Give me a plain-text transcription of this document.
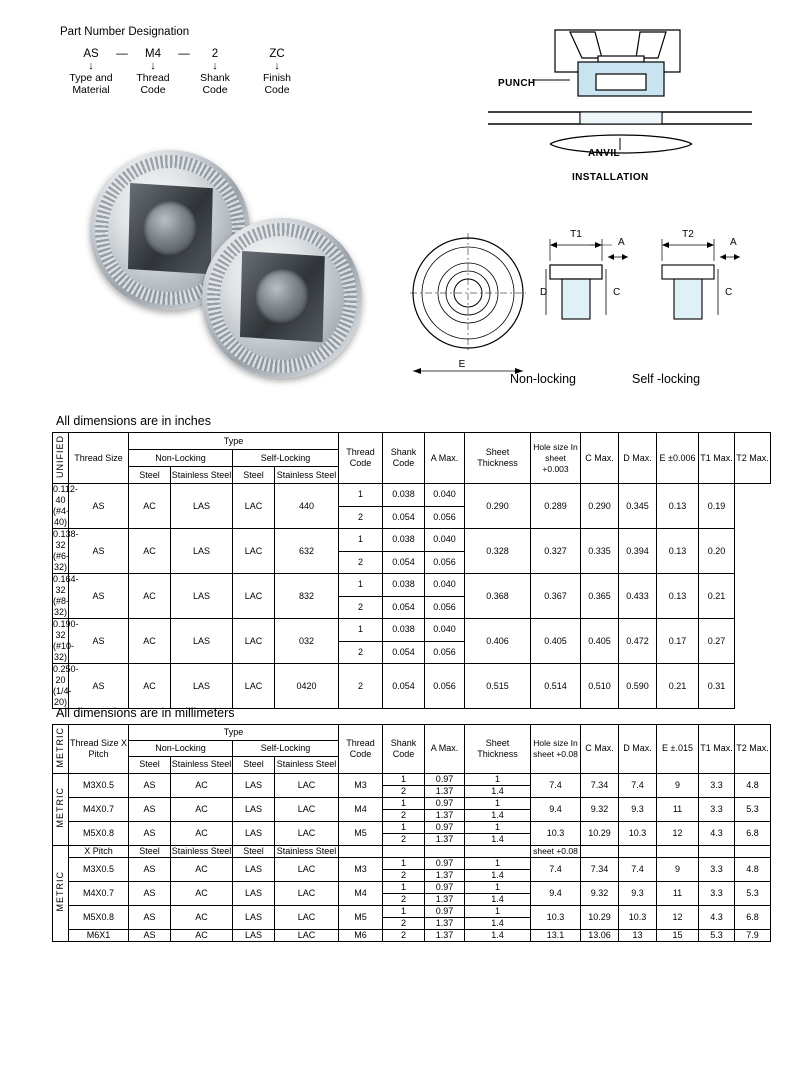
Part Number Designation
AS	—	M4	—	2	ZC
↓	↓	↓	↓
Type and Material
Thread Code
Shank Code
Finish Code
PUNCH
ANVIL
INSTALLATION
E
T1
A
D	C
T2
A
C
Non-locking	Self -locking
All dimensions are in inches
UNIFIED	Thread Size	Type				Thread Code	Shank Code	A Max.	Sheet Thickness	Hole size In sheet +0.003	C Max.	D Max.	E ±0.006	T1 Max.	T2 Max.
		Non-Locking		Self-Locking											
		Steel	Stainless Steel	Steel	Stainless Steel										
0.112-40 (#4-40)	AS	AC	LAS	LAC	440	1	0.038	0.040	0.290	0.289	0.290	0.345	0.13	0.19	
						2	0.054	0.056							
0.138-32 (#6-32)	AS	AC	LAS	LAC	632	1	0.038	0.040	0.328	0.327	0.335	0.394	0.13	0.20	
						2	0.054	0.056							
0.164-32 (#8-32)	AS	AC	LAS	LAC	832	1	0.038	0.040	0.368	0.367	0.365	0.433	0.13	0.21	
						2	0.054	0.056							
0.190-32 (#10-32)	AS	AC	LAS	LAC	032	1	0.038	0.040	0.406	0.405	0.405	0.472	0.17	0.27	
						2	0.054	0.056							
0.250-20 (1/4-20)	AS	AC	LAS	LAC	0420	2	0.054	0.056	0.515	0.514	0.510	0.590	0.21	0.31	
All dimensions are in millimeters
METRIC	Thread Size X Pitch	Type				Thread Code	Shank Code	A Max.	Sheet Thickness	Hole size In sheet +0.08	C Max.	D Max.	E ±.015	T1 Max.	T2 Max.
		Non-Locking		Self-Locking											
		Steel	Stainless Steel	Steel	Stainless Steel										
METRIC	M3X0.5	AS	AC	LAS	LAC	M3	1	0.97	1	7.4	7.34	7.4	9	3.3	4.8
							2	1.37	1.4						
	M4X0.7	AS	AC	LAS	LAC	M4	1	0.97	1	9.4	9.32	9.3	11	3.3	5.3
							2	1.37	1.4						
	M5X0.8	AS	AC	LAS	LAC	M5	1	0.97	1	10.3	10.29	10.3	12	4.3	6.8
							2	1.37	1.4						
METRIC	X Pitch	Steel	Stainless Steel	Steel	Stainless Steel					sheet +0.08					
	M3X0.5	AS	AC	LAS	LAC	M3	1	0.97	1	7.4	7.34	7.4	9	3.3	4.8
							2	1.37	1.4						
	M4X0.7	AS	AC	LAS	LAC	M4	1	0.97	1	9.4	9.32	9.3	11	3.3	5.3
							2	1.37	1.4						
	M5X0.8	AS	AC	LAS	LAC	M5	1	0.97	1	10.3	10.29	10.3	12	4.3	6.8
							2	1.37	1.4						
	M6X1	AS	AC	LAS	LAC	M6	2	1.37	1.4	13.1	13.06	13	15	5.3	7.9
